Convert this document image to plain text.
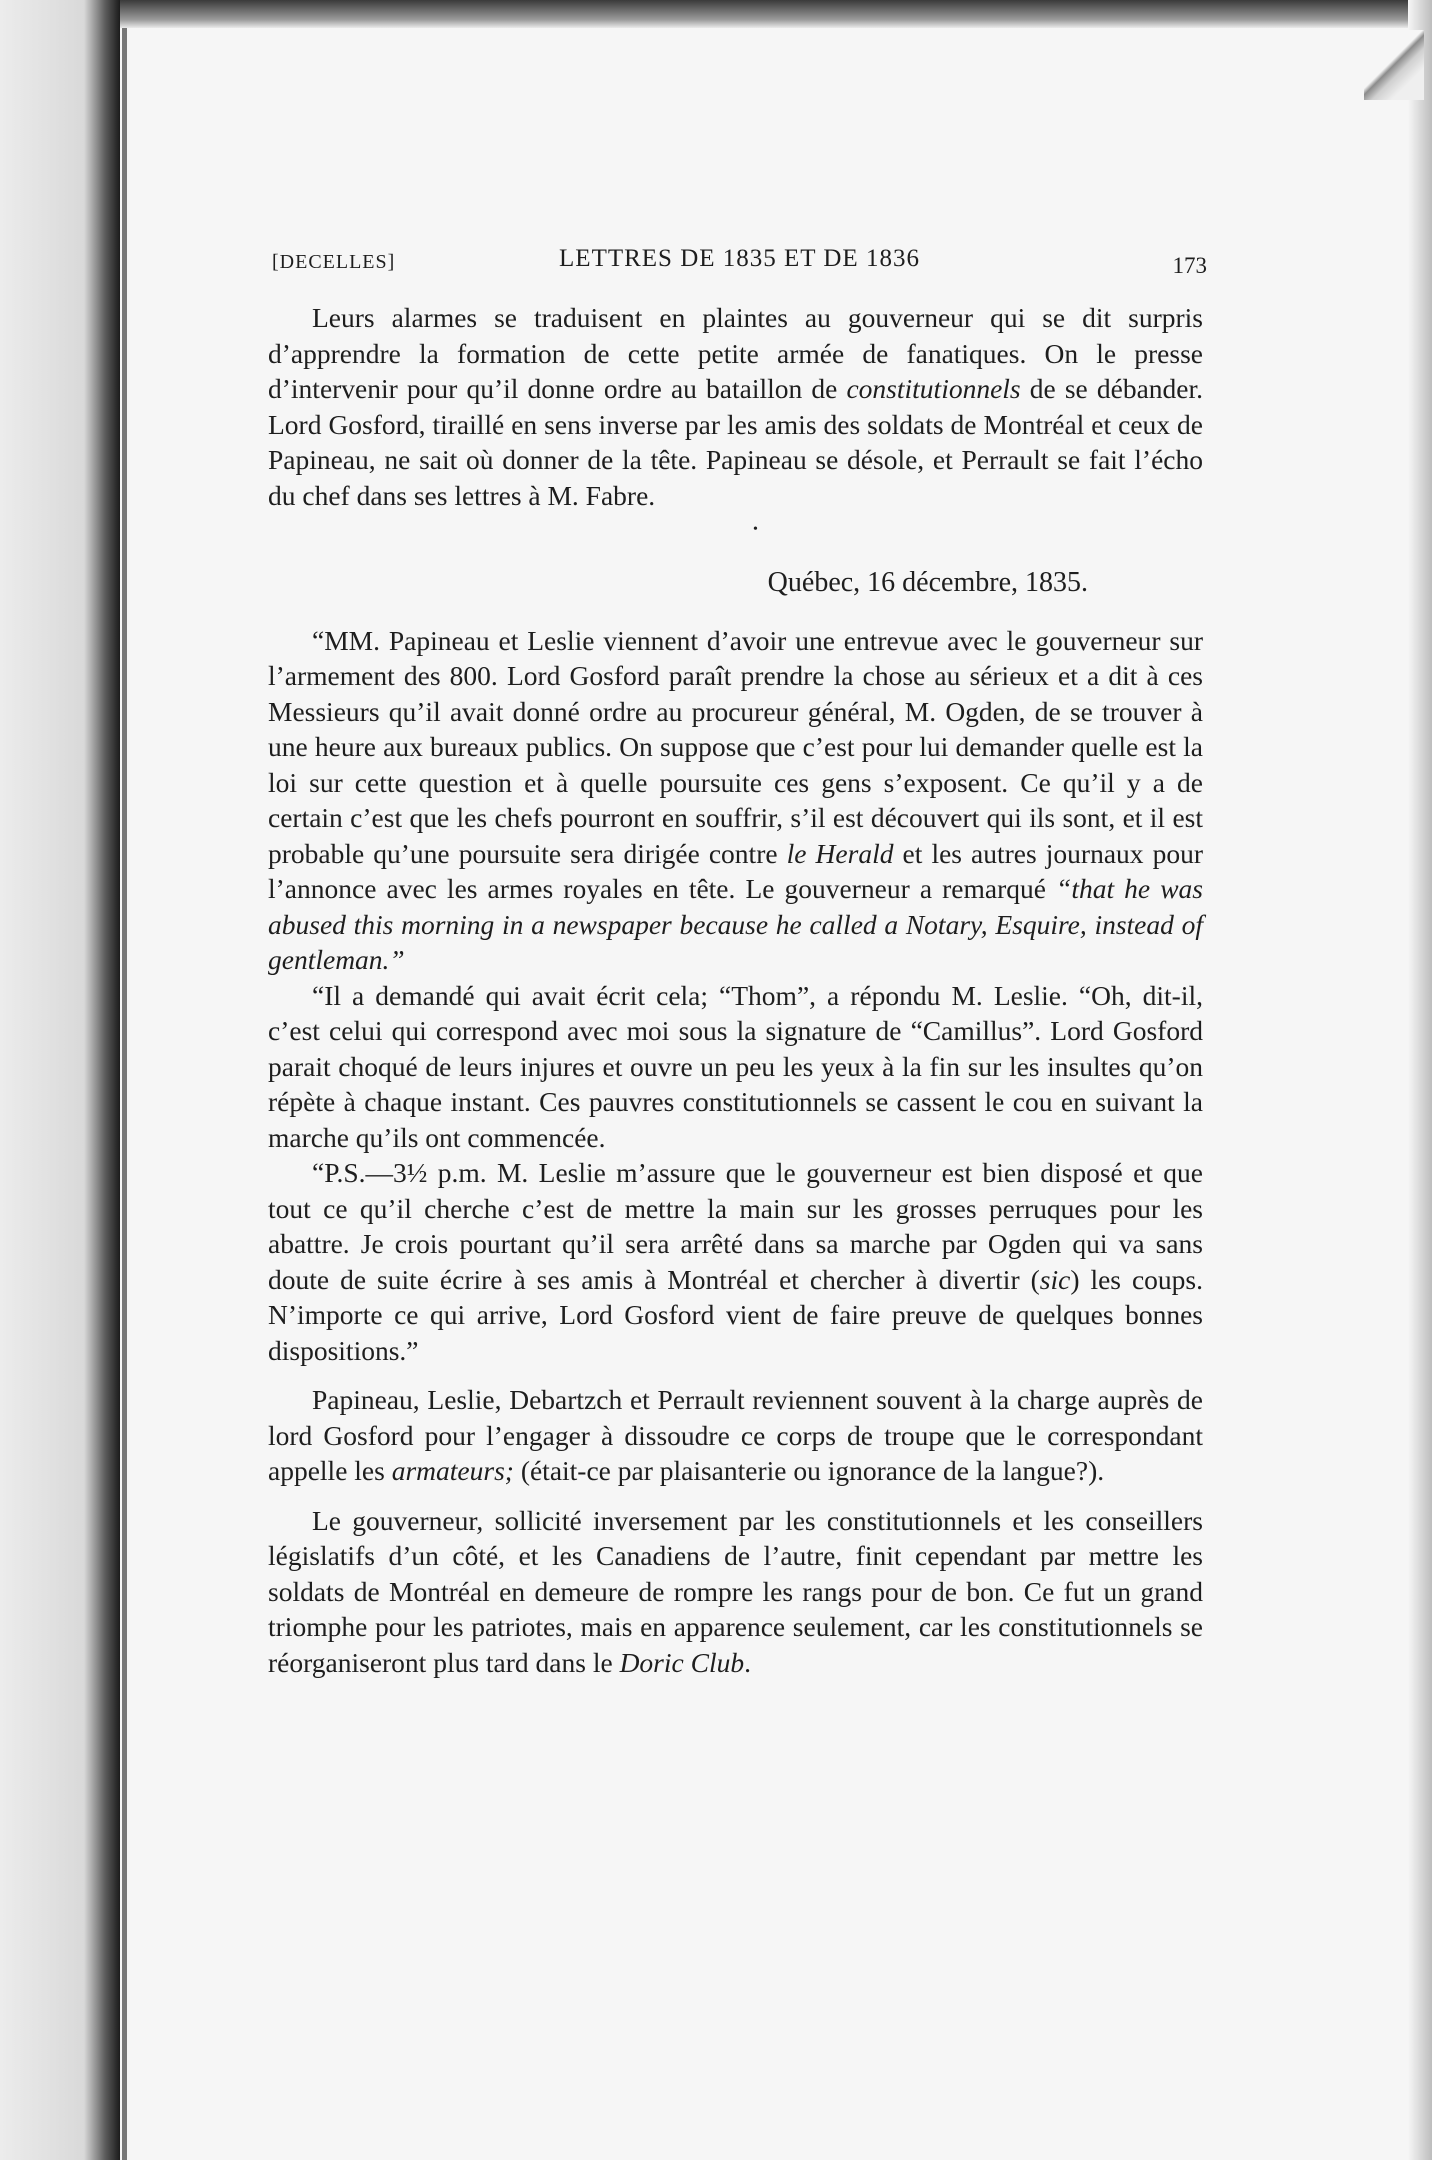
[DECELLES]	LETTRES DE 1835 ET DE 1836	173

Leurs alarmes se traduisent en plaintes au gouverneur qui se dit surpris d’apprendre la formation de cette petite armée de fanatiques. On le presse d’intervenir pour qu’il donne ordre au bataillon de constitutionnels de se débander. Lord Gosford, tiraillé en sens inverse par les amis des soldats de Montréal et ceux de Papineau, ne sait où donner de la tête. Papineau se désole, et Perrault se fait l’écho du chef dans ses lettres à M. Fabre.

•
Québec, 16 décembre, 1835.

“MM. Papineau et Leslie viennent d’avoir une entrevue avec le gouverneur sur l’armement des 800. Lord Gosford paraît prendre la chose au sérieux et a dit à ces Messieurs qu’il avait donné ordre au procureur général, M. Ogden, de se trouver à une heure aux bureaux publics. On suppose que c’est pour lui demander quelle est la loi sur cette question et à quelle poursuite ces gens s’exposent. Ce qu’il y a de certain c’est que les chefs pourront en souffrir, s’il est découvert qui ils sont, et il est probable qu’une poursuite sera dirigée contre le Herald et les autres journaux pour l’annonce avec les armes royales en tête. Le gouverneur a remarqué “that he was abused this morning in a newspaper because he called a Notary, Esquire, instead of gentleman.”

“Il a demandé qui avait écrit cela; “Thom”, a répondu M. Leslie. “Oh, dit-il, c’est celui qui correspond avec moi sous la signature de “Camillus”. Lord Gosford parait choqué de leurs injures et ouvre un peu les yeux à la fin sur les insultes qu’on répète à chaque instant. Ces pauvres constitutionnels se cassent le cou en suivant la marche qu’ils ont commencée.

“P.S.—3½ p.m. M. Leslie m’assure que le gouverneur est bien disposé et que tout ce qu’il cherche c’est de mettre la main sur les grosses perruques pour les abattre. Je crois pourtant qu’il sera arrêté dans sa marche par Ogden qui va sans doute de suite écrire à ses amis à Montréal et chercher à divertir (sic) les coups. N’importe ce qui arrive, Lord Gosford vient de faire preuve de quelques bonnes dispositions.”

Papineau, Leslie, Debartzch et Perrault reviennent souvent à la charge auprès de lord Gosford pour l’engager à dissoudre ce corps de troupe que le correspondant appelle les armateurs; (était-ce par plaisanterie ou ignorance de la langue?).

Le gouverneur, sollicité inversement par les constitutionnels et les conseillers législatifs d’un côté, et les Canadiens de l’autre, finit cependant par mettre les soldats de Montréal en demeure de rompre les rangs pour de bon. Ce fut un grand triomphe pour les patriotes, mais en apparence seulement, car les constitutionnels se réorganiseront plus tard dans le Doric Club.
